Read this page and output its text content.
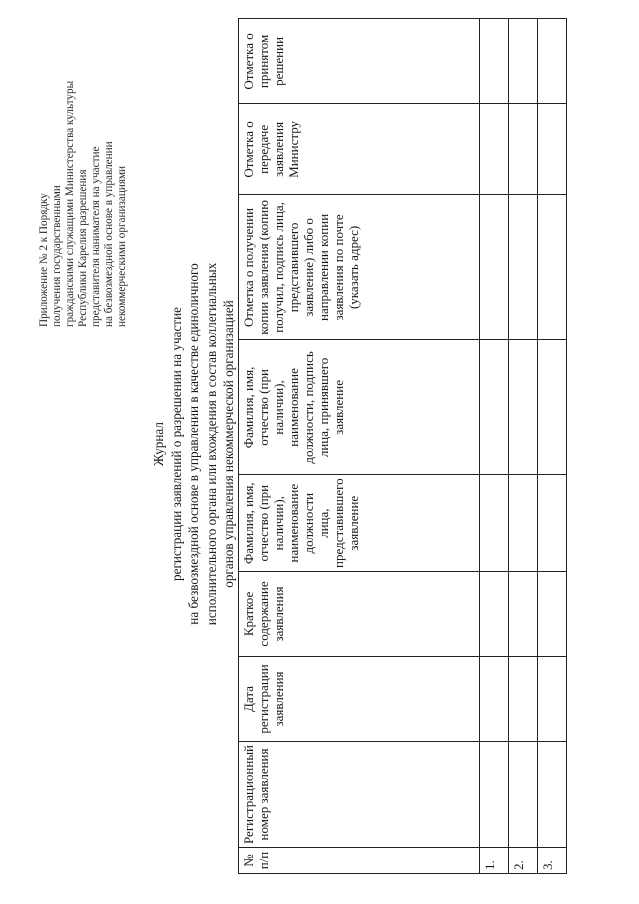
Приложение № 2 к Порядку получения государственными гражданскими служащими Министерства культуры Республики Карелия разрешения представителя нанимателя на участие на безвозмездной основе в управлении некоммерческими организациями
Журнал регистрации заявлений о разрешении на участие на безвозмездной основе в управлении в качестве единоличного исполнительного органа или вхождения в состав коллегиальных органов управления некоммерческой организацией
№ п/п	Регистрационный номер заявления	Дата регистрации заявления	Краткое содержание заявления	Фамилия, имя, отчество (при наличии), наименование должности лица, представившего заявление	Фамилия, имя, отчество (при наличии), наименование должности, подпись лица, принявшего заявление	Отметка о получении копии заявления (копию получил, подпись лица, представившего заявление) либо о направлении копии заявления по почте (указать адрес)	Отметка о передаче заявления Министру	Отметка о принятом решении
1.								
2.								
3.								
